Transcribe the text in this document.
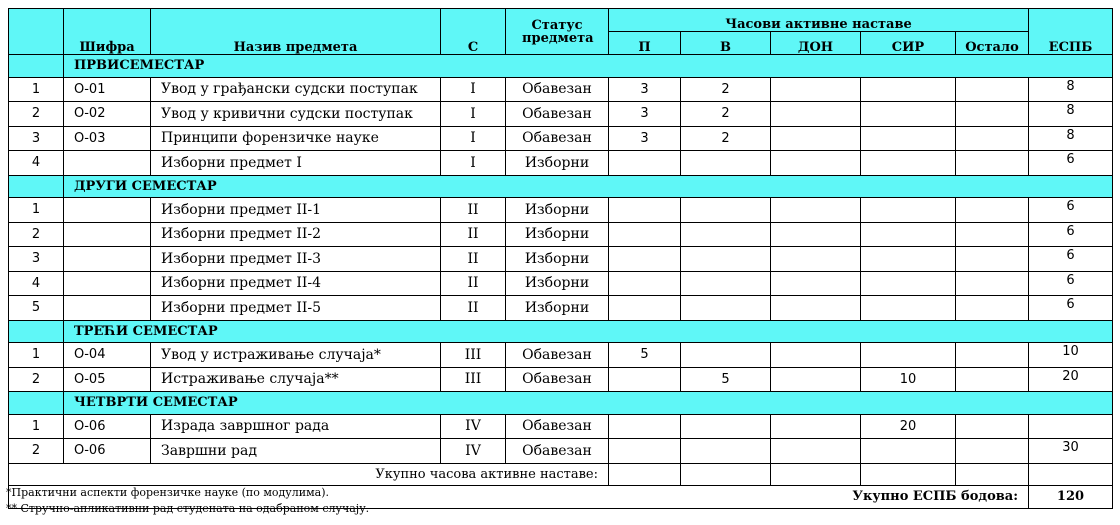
	Шифра	Назив предмета	С	Статус предмета	Часови активне наставе					ЕСПБ
					П	В	ДОН	СИР	Остало	
	ПРВИСЕМЕСТАР									
1	О-01	Увод у грађански судски поступак	I	Обавезан	3	2				8
2	О-02	Увод у кривични судски поступак	I	Обавезан	3	2				8
3	О-03	Принципи форензичке науке	I	Обавезан	3	2				8
4		Изборни предмет I	I	Изборни						6
	ДРУГИ СЕМЕСТАР									
1		Изборни предмет II-1	II	Изборни						6
2		Изборни предмет II-2	II	Изборни						6
3		Изборни предмет II-3	II	Изборни						6
4		Изборни предмет II-4	II	Изборни						6
5		Изборни предмет II-5	II	Изборни						6
	ТРЕЋИ СЕМЕСТАР									
1	О-04	Увод у истраживање случаја*	III	Обавезан	5					10
2	О-05	Истраживање случаја**	III	Обавезан		5		10		20
	ЧЕТВРТИ СЕМЕСТАР									
1	О-06	Израда завршног рада	IV	Обавезан				20		
2	О-06	Завршни рад	IV	Обавезан						30
Укупно часова активне наставе:										
Укупно ЕСПБ бодова:										120
*Практични аспекти форензичке науке (по модулима).
** Стручно-апликативни рад студената на одабраном случају.
